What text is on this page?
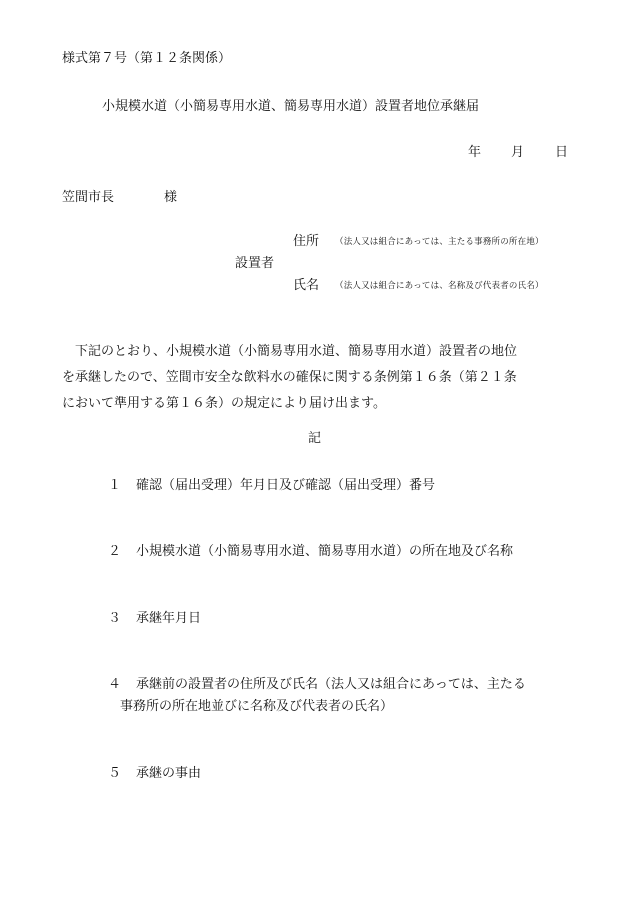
様式第７号（第１２条関係）
小規模水道（小簡易専用水道、簡易専用水道）設置者地位承継届
年 月 日
笠間市長	様
住所 （法人又は組合にあっては、主たる事務所の所在地）
設置者
氏名 （法人又は組合にあっては、名称及び代表者の氏名）

　下記のとおり、小規模水道（小簡易専用水道、簡易専用水道）設置者の地位

を承継したので、笠間市安全な飲料水の確保に関する条例第１６条（第２１条

において準用する第１６条）の規定により届け出ます。

記
１ 確認（届出受理）年月日及び確認（届出受理）番号
２ 小規模水道（小簡易専用水道、簡易専用水道）の所在地及び名称
３ 承継年月日
４ 承継前の設置者の住所及び氏名（法人又は組合にあっては、主たる
事務所の所在地並びに名称及び代表者の氏名）
５ 承継の事由
